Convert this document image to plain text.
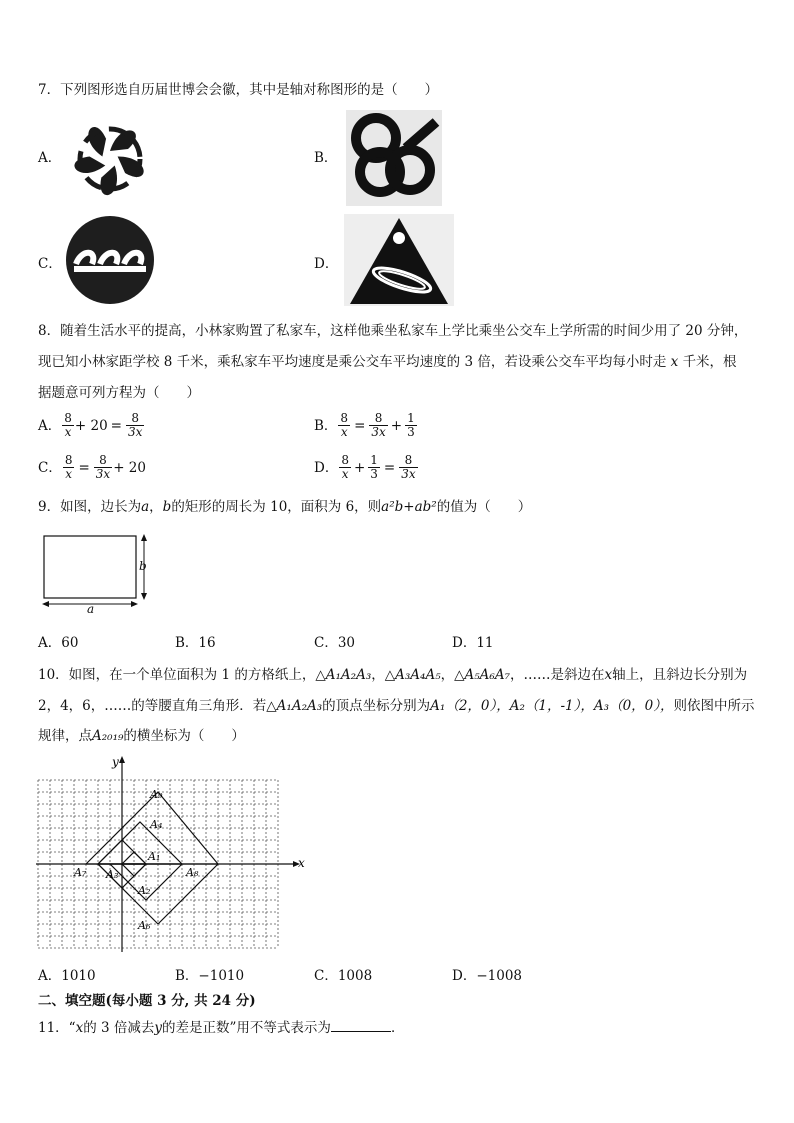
7．下列图形选自历届世博会会徽，其中是轴对称图形的是（　　）
A．	B．
C．	D．
8．随着生活水平的提高，小林家购置了私家车，这样他乘坐私家车上学比乘坐公交车上学所需的时间少用了 20 分钟，
现已知小林家距学校 8 千米，乘私家车平均速度是乘公交车平均速度的 3 倍，若设乘公交车平均每小时走 x 千米，根
据题意可列方程为（　　）
A． $\frac{8}{x} + 20 = \frac{8}{3x}$	B． $\frac{8}{x} = \frac{8}{3x} + \frac{1}{3}$
C． $\frac{8}{x} = \frac{8}{3x} + 20$	D． $\frac{8}{x} + \frac{1}{3} = \frac{8}{3x}$
9．如图，边长为a，b的矩形的周长为 10，面积为 6，则a²b+ab²的值为（　　）
b
a
A．60	B．16	C．30	D．11
10．如图，在一个单位面积为 1 的方格纸上，△A₁A₂A₃，△A₃A₄A₅，△A₅A₆A₇，……是斜边在x轴上，且斜边长分别为
2，4，6，……的等腰直角三角形．若△A₁A₂A₃的顶点坐标分别为A₁（2，0），A₂（1，-1），A₃（0，0），则依图中所示
规律，点A₂₀₁₉的横坐标为（　　）
x
y
A₉
A₄
A₁
A₇ A₃	A₈
A₂
A₆
A．1010	B．−1010	C．1008	D．−1008
二、填空题(每小题 3 分, 共 24 分)
11．“x的 3 倍减去y的差是正数”用不等式表示为	．
